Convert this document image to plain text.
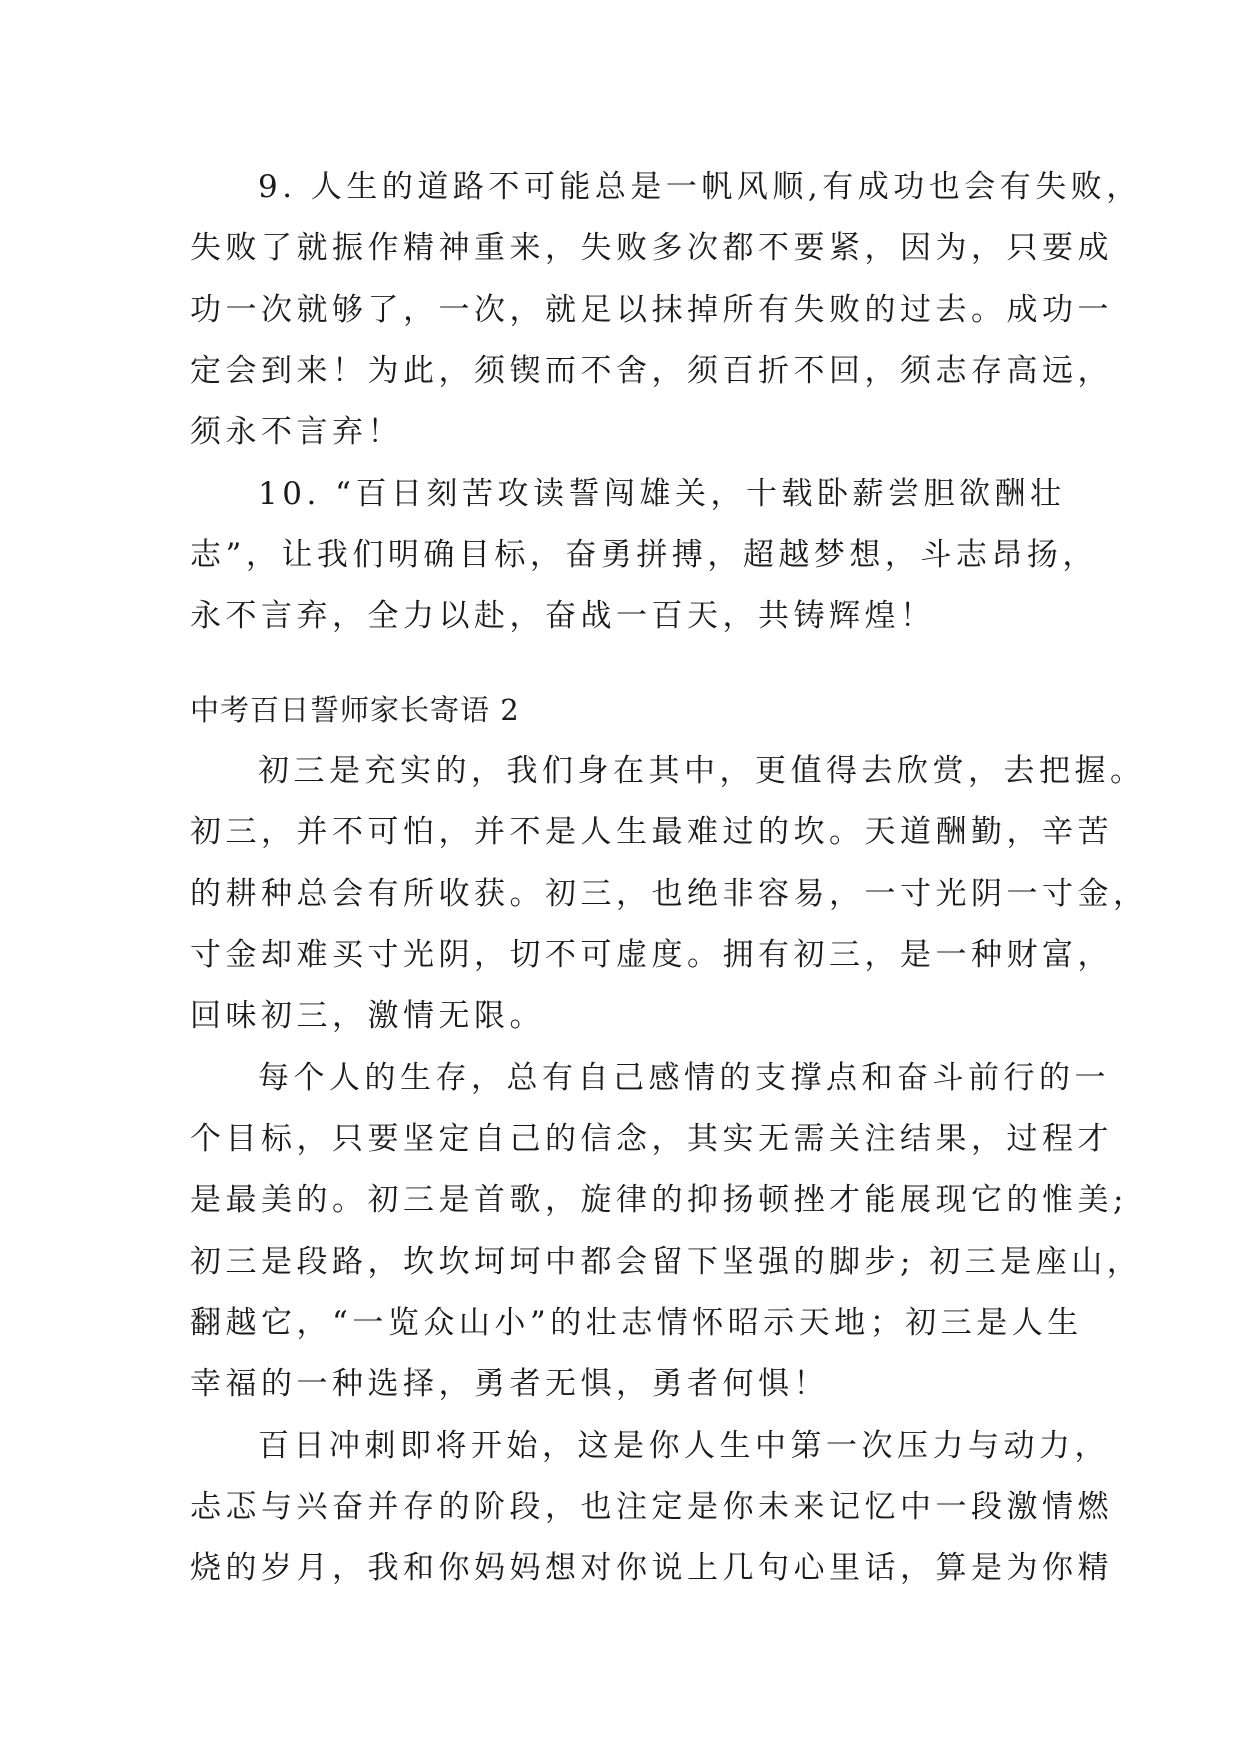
9. 人生的道路不可能总是一帆风顺,有成功也会有失败，
失败了就振作精神重来，失败多次都不要紧，因为，只要成
功一次就够了，一次，就足以抹掉所有失败的过去。成功一
定会到来！为此，须锲而不舍，须百折不回，须志存高远，
须永不言弃！
10. “百日刻苦攻读誓闯雄关，十载卧薪尝胆欲酬壮
志”，让我们明确目标，奋勇拼搏，超越梦想，斗志昂扬，
永不言弃，全力以赴，奋战一百天，共铸辉煌！
中考百日誓师家长寄语 2
初三是充实的，我们身在其中，更值得去欣赏，去把握。
初三，并不可怕，并不是人生最难过的坎。天道酬勤，辛苦
的耕种总会有所收获。初三，也绝非容易，一寸光阴一寸金，
寸金却难买寸光阴，切不可虚度。拥有初三，是一种财富，
回味初三，激情无限。
每个人的生存，总有自己感情的支撑点和奋斗前行的一
个目标，只要坚定自己的信念，其实无需关注结果，过程才
是最美的。初三是首歌，旋律的抑扬顿挫才能展现它的惟美;
初三是段路，坎坎坷坷中都会留下坚强的脚步; 初三是座山，
翻越它，“一览众山小”的壮志情怀昭示天地；初三是人生
幸福的一种选择，勇者无惧，勇者何惧！
百日冲刺即将开始，这是你人生中第一次压力与动力，
忐忑与兴奋并存的阶段，也注定是你未来记忆中一段激情燃
烧的岁月，我和你妈妈想对你说上几句心里话，算是为你精
